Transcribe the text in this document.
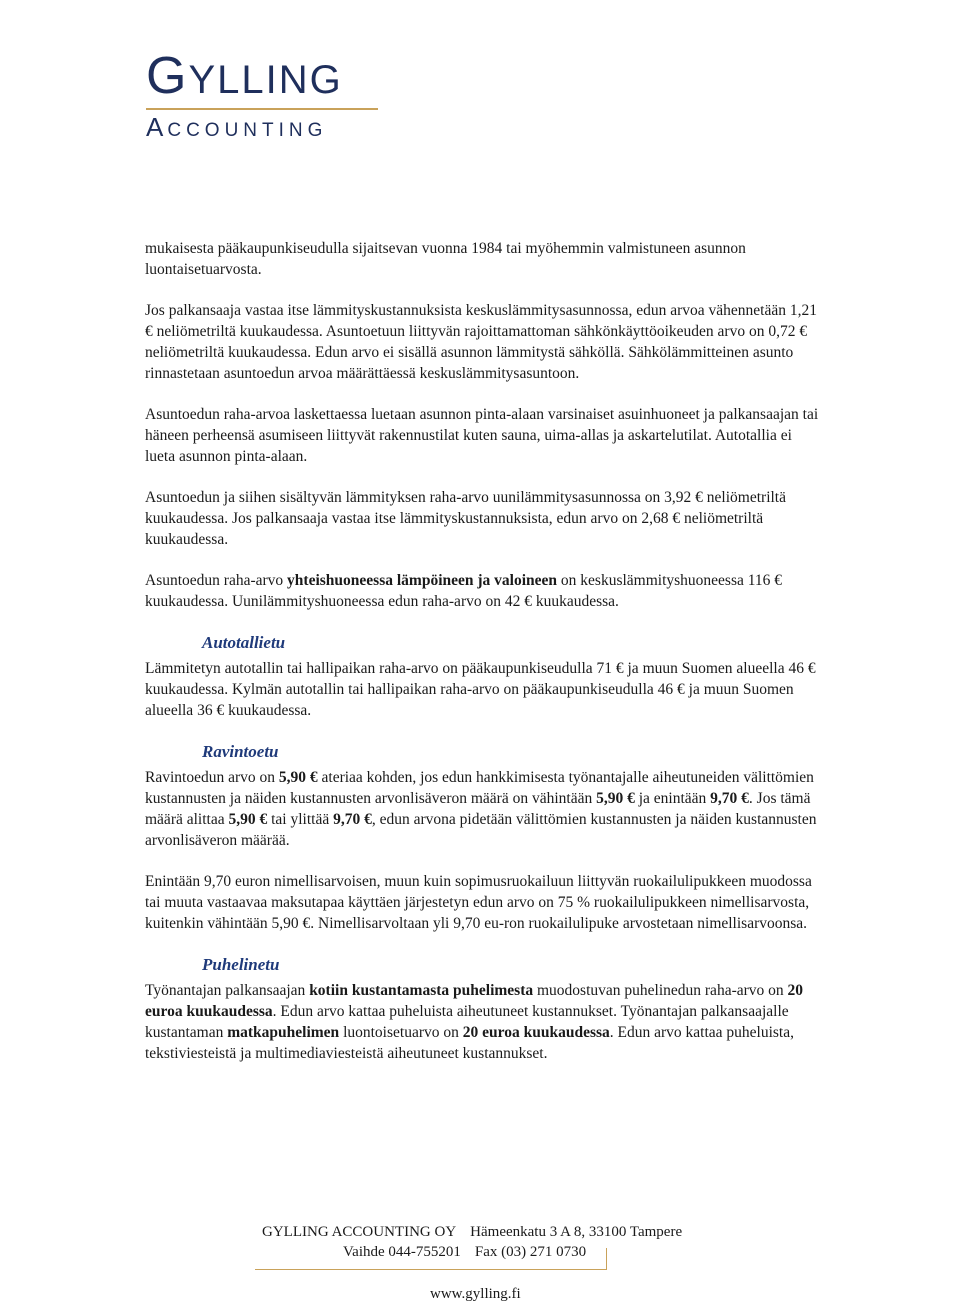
GYLLING
ACCOUNTING

mukaisesta pääkaupunkiseudulla sijaitsevan vuonna 1984 tai myöhemmin valmistuneen asunnon luontaisetuarvosta.

Jos palkansaaja vastaa itse lämmityskustannuksista keskuslämmitysasunnossa, edun arvoa vähennetään 1,21 € neliömetriltä kuukaudessa. Asuntoetuun liittyvän rajoittamattoman sähkönkäyttöoikeuden arvo on 0,72 € neliömetriltä kuukaudessa. Edun arvo ei sisällä asunnon lämmitystä sähköllä. Sähkölämmitteinen asunto rinnastetaan asuntoedun arvoa määrättäessä keskuslämmitysasuntoon.

Asuntoedun raha-arvoa laskettaessa luetaan asunnon pinta-alaan varsinaiset asuinhuoneet ja palkansaajan tai häneen perheensä asumiseen liittyvät rakennustilat kuten sauna, uima-allas ja askartelutilat. Autotallia ei lueta asunnon pinta-alaan.

Asuntoedun ja siihen sisältyvän lämmityksen raha-arvo uunilämmitysasunnossa on 3,92 € neliömetriltä kuukaudessa. Jos palkansaaja vastaa itse lämmityskustannuksista, edun arvo on 2,68 € neliömetriltä kuukaudessa.

Asuntoedun raha-arvo yhteishuoneessa lämpöineen ja valoineen on keskuslämmityshuoneessa 116 € kuukaudessa. Uunilämmityshuoneessa edun raha-arvo on 42 € kuukaudessa.

Autotallietu

Lämmitetyn autotallin tai hallipaikan raha-arvo on pääkaupunkiseudulla 71 € ja muun Suomen alueella 46 € kuukaudessa. Kylmän autotallin tai hallipaikan raha-arvo on pääkaupunkiseudulla 46 € ja muun Suomen alueella 36 € kuukaudessa.

Ravintoetu

Ravintoedun arvo on 5,90 € ateriaa kohden, jos edun hankkimisesta työnantajalle aiheutuneiden välittömien kustannusten ja näiden kustannusten arvonlisäveron määrä on vähintään 5,90 € ja enintään 9,70 €. Jos tämä määrä alittaa 5,90 € tai ylittää 9,70 €, edun arvona pidetään välittömien kustannusten ja näiden kustannusten arvonlisäveron määrää.

Enintään 9,70 euron nimellisarvoisen, muun kuin sopimusruokailuun liittyvän ruokailulipukkeen muodossa tai muuta vastaavaa maksutapaa käyttäen järjestetyn edun arvo on 75 % ruokailulipukkeen nimellisarvosta, kuitenkin vähintään 5,90 €. Nimellisarvoltaan yli 9,70 eu-ron ruokailulipuke arvostetaan nimellisarvoonsa.

Puhelinetu

Työnantajan palkansaajan kotiin kustantamasta puhelimesta muodostuvan puhelinedun raha-arvo on 20 euroa kuukaudessa. Edun arvo kattaa puheluista aiheutuneet kustannukset. Työnantajan palkansaajalle kustantaman matkapuhelimen luontoisetuarvo on 20 euroa kuukaudessa. Edun arvo kattaa puheluista, tekstiviesteistä ja multimediaviesteistä aiheutuneet kustannukset.

GYLLING ACCOUNTING OY Hämeenkatu 3 A 8, 33100 Tampere
Vaihde 044-755201 Fax (03) 271 0730
www.gylling.fi
